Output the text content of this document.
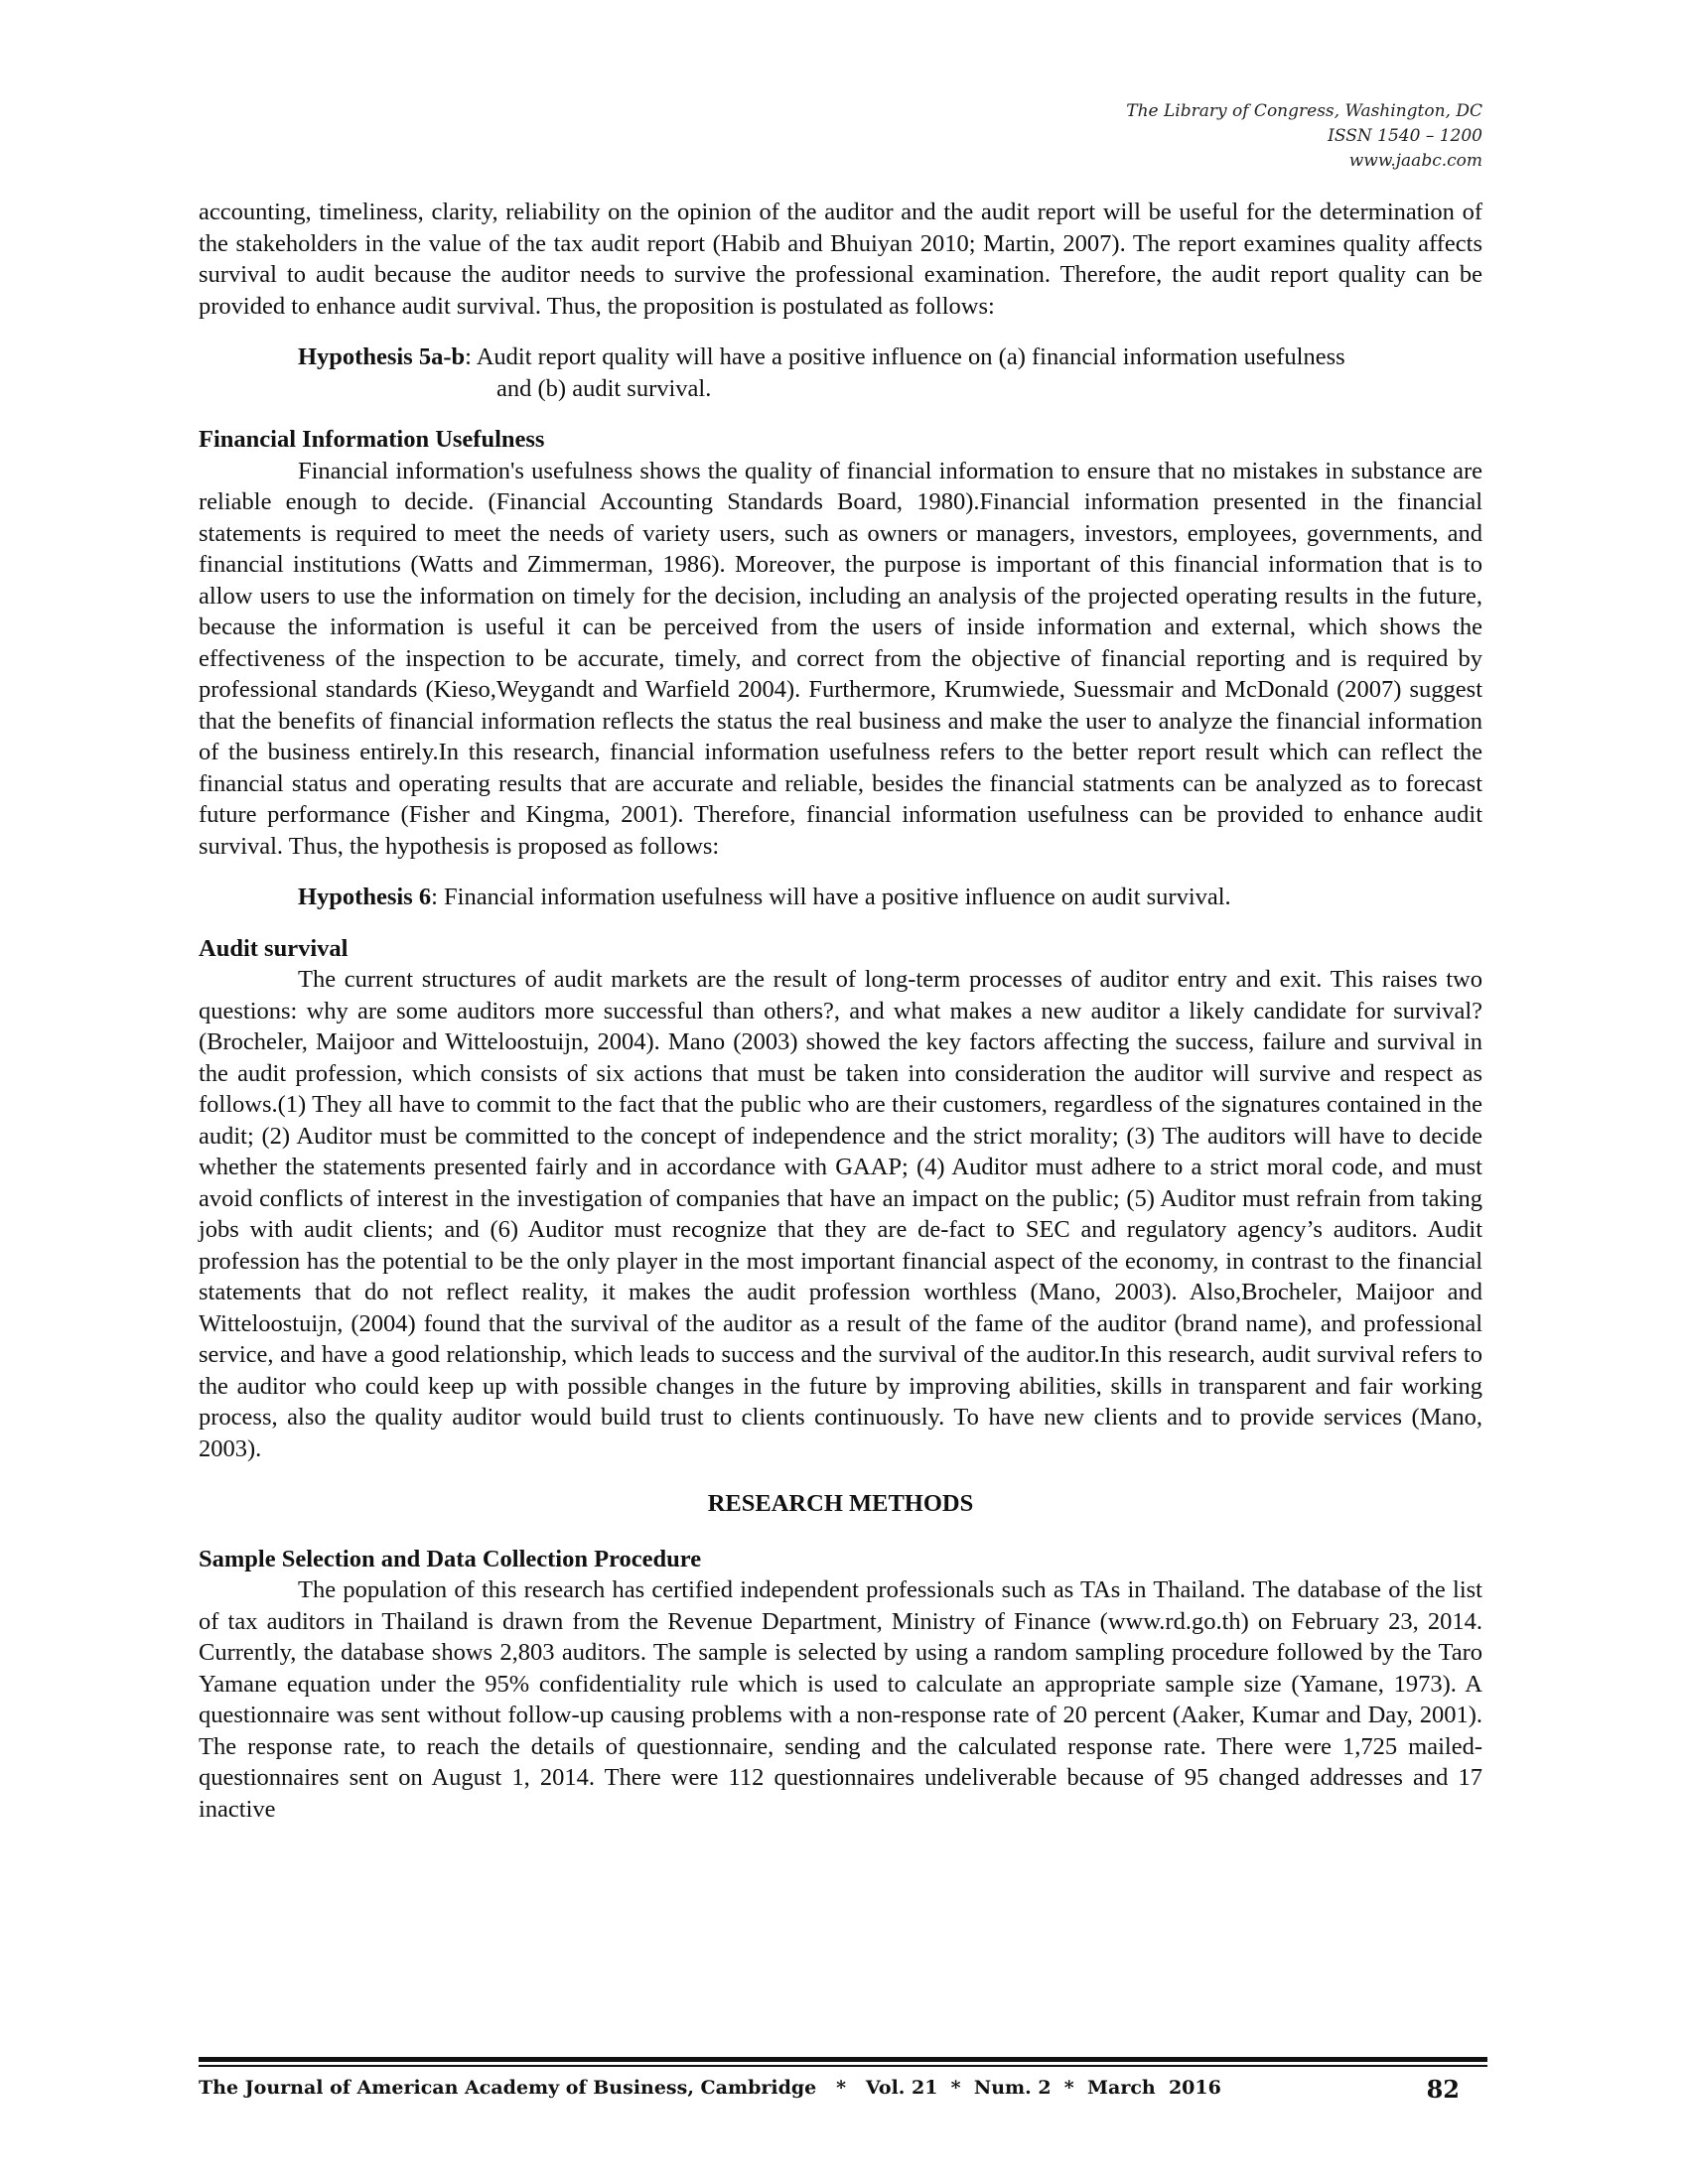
The Library of Congress, Washington, DC
ISSN 1540 – 1200
www.jaabc.com

accounting, timeliness, clarity, reliability on the opinion of the auditor and the audit report will be useful for the determination of the stakeholders in the value of the tax audit report (Habib and Bhuiyan 2010; Martin, 2007). The report examines quality affects survival to audit because the auditor needs to survive the professional examination. Therefore, the audit report quality can be provided to enhance audit survival. Thus, the proposition is postulated as follows:

Hypothesis 5a-b: Audit report quality will have a positive influence on (a) financial information usefulness
and (b) audit survival.
Financial Information Usefulness

Financial information's usefulness shows the quality of financial information to ensure that no mistakes in substance are reliable enough to decide. (Financial Accounting Standards Board, 1980).Financial information presented in the financial statements is required to meet the needs of variety users, such as owners or managers, investors, employees, governments, and financial institutions (Watts and Zimmerman, 1986). Moreover, the purpose is important of this financial information that is to allow users to use the information on timely for the decision, including an analysis of the projected operating results in the future, because the information is useful it can be perceived from the users of inside information and external, which shows the effectiveness of the inspection to be accurate, timely, and correct from the objective of financial reporting and is required by professional standards (Kieso,Weygandt and Warfield 2004). Furthermore, Krumwiede, Suessmair and McDonald (2007) suggest that the benefits of financial information reflects the status the real business and make the user to analyze the financial information of the business entirely.In this research, financial information usefulness refers to the better report result which can reflect the financial status and operating results that are accurate and reliable, besides the financial statments can be analyzed as to forecast future performance (Fisher and Kingma, 2001). Therefore, financial information usefulness can be provided to enhance audit survival. Thus, the hypothesis is proposed as follows:

Hypothesis 6: Financial information usefulness will have a positive influence on audit survival.
Audit survival

The current structures of audit markets are the result of long-term processes of auditor entry and exit. This raises two questions: why are some auditors more successful than others?, and what makes a new auditor a likely candidate for survival? (Brocheler, Maijoor and Witteloostuijn, 2004). Mano (2003) showed the key factors affecting the success, failure and survival in the audit profession, which consists of six actions that must be taken into consideration the auditor will survive and respect as follows.(1) They all have to commit to the fact that the public who are their customers, regardless of the signatures contained in the audit; (2) Auditor must be committed to the concept of independence and the strict morality; (3) The auditors will have to decide whether the statements presented fairly and in accordance with GAAP; (4) Auditor must adhere to a strict moral code, and must avoid conflicts of interest in the investigation of companies that have an impact on the public; (5) Auditor must refrain from taking jobs with audit clients; and (6) Auditor must recognize that they are de-fact to SEC and regulatory agency’s auditors. Audit profession has the potential to be the only player in the most important financial aspect of the economy, in contrast to the financial statements that do not reflect reality, it makes the audit profession worthless (Mano, 2003). Also,Brocheler, Maijoor and Witteloostuijn, (2004) found that the survival of the auditor as a result of the fame of the auditor (brand name), and professional service, and have a good relationship, which leads to success and the survival of the auditor.In this research, audit survival refers to the auditor who could keep up with possible changes in the future by improving abilities, skills in transparent and fair working process, also the quality auditor would build trust to clients continuously. To have new clients and to provide services (Mano, 2003).

RESEARCH METHODS
Sample Selection and Data Collection Procedure

The population of this research has certified independent professionals such as TAs in Thailand. The database of the list of tax auditors in Thailand is drawn from the Revenue Department, Ministry of Finance (www.rd.go.th) on February 23, 2014. Currently, the database shows 2,803 auditors. The sample is selected by using a random sampling procedure followed by the Taro Yamane equation under the 95% confidentiality rule which is used to calculate an appropriate sample size (Yamane, 1973). A questionnaire was sent without follow-up causing problems with a non-response rate of 20 percent (Aaker, Kumar and Day, 2001). The response rate, to reach the details of questionnaire, sending and the calculated response rate. There were 1,725 mailed-questionnaires sent on August 1, 2014. There were 112 questionnaires undeliverable because of 95 changed addresses and 17 inactive

The Journal of American Academy of Business, Cambridge   *   Vol. 21  *  Num. 2  *  March  2016	82
